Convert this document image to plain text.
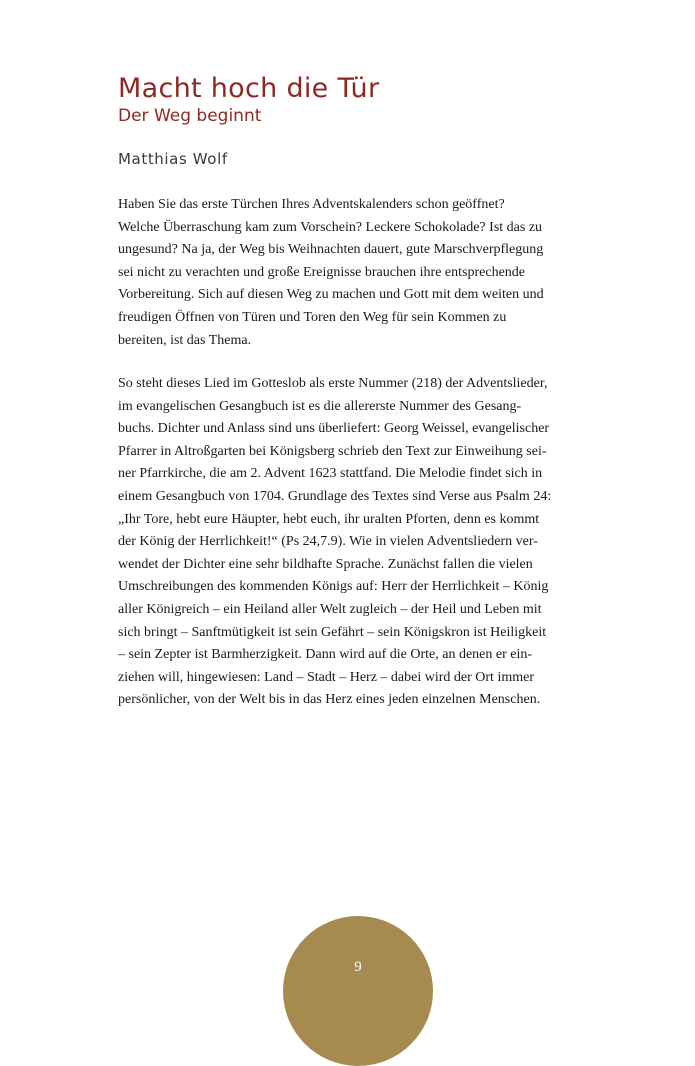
Macht hoch die Tür
Der Weg beginnt
Matthias Wolf

Haben Sie das erste Türchen Ihres Adventskalenders schon geöffnet?
Welche Überraschung kam zum Vorschein? Leckere Schokolade? Ist das zu
ungesund? Na ja, der Weg bis Weihnachten dauert, gute Marschverpflegung
sei nicht zu verachten und große Ereignisse brauchen ihre entsprechende
Vorbereitung. Sich auf diesen Weg zu machen und Gott mit dem weiten und
freudigen Öffnen von Türen und Toren den Weg für sein Kommen zu
bereiten, ist das Thema.

So steht dieses Lied im Gotteslob als erste Nummer (218) der Adventslieder,
im evangelischen Gesangbuch ist es die allererste Nummer des Gesang-
buchs. Dichter und Anlass sind uns überliefert: Georg Weissel, evangelischer
Pfarrer in Altroßgarten bei Königsberg schrieb den Text zur Einweihung sei-
ner Pfarrkirche, die am 2. Advent 1623 stattfand. Die Melodie findet sich in
einem Gesangbuch von 1704. Grundlage des Textes sind Verse aus Psalm 24:
„Ihr Tore, hebt eure Häupter, hebt euch, ihr uralten Pforten, denn es kommt
der König der Herrlichkeit!“ (Ps 24,7.9). Wie in vielen Adventsliedern ver-
wendet der Dichter eine sehr bildhafte Sprache. Zunächst fallen die vielen
Umschreibungen des kommenden Königs auf: Herr der Herrlichkeit – König
aller Königreich – ein Heiland aller Welt zugleich – der Heil und Leben mit
sich bringt – Sanftmütigkeit ist sein Gefährt – sein Königskron ist Heiligkeit
– sein Zepter ist Barmherzigkeit. Dann wird auf die Orte, an denen er ein-
ziehen will, hingewiesen: Land – Stadt – Herz – dabei wird der Ort immer
persönlicher, von der Welt bis in das Herz eines jeden einzelnen Menschen.

9
